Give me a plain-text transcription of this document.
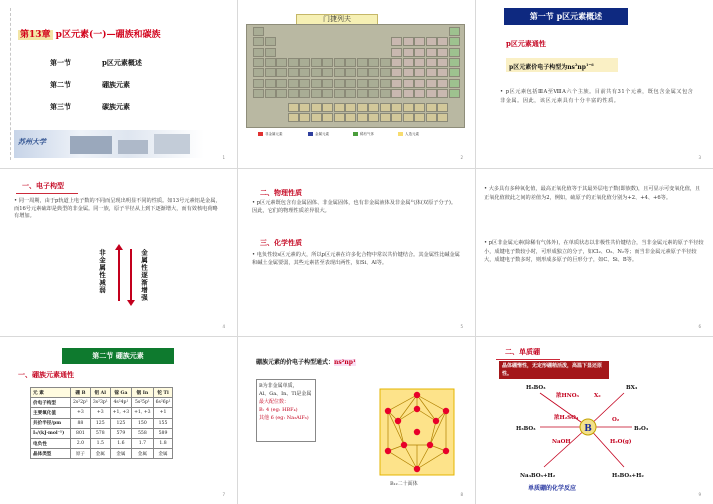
第13章 p区元素(一)—硼族和碳族
第一节	p区元素概述
第二节	硼族元素
第三节	碳族元素
苏州大学
1
门捷列夫
非金属元素	金属元素	稀有气体	人造元素
2
第一节 p区元素概述
p区元素通性
p区元素价电子构型为$ns^2np^{1\sim 6}$
• p区元素包括ⅢA至ⅧA六个主族。目前共有31个元素，既包含金属又包含非金属。因此，该区元素具有十分丰富的性质。
3
一、电子构型
• 同一周期，由于p轨道上电子数的不同而呈现出明显不同的性质。如13号元素铝是金属，而16号元素硫却是典型的非金属。同一族，原子半径从上到下逐渐增大，而有效核电荷略有增加。
非金属性减弱	金属性逐渐增强
4
二、物理性质
• p区元素既包含有金属固体、非金属固体，也有非金属液体及非金属气体(双原子分子)。因此，它们的物理性质差异很大。
三、化学性质
• 电负性较s区元素的大，所以p区元素在许多化合物中常以共价键结合。其金属性比碱金属和碱土金属要弱，其些元素甚至表现出两性，如Si、Al等。
5
• 大多具有多种氧化值，最高正氧化值等于其最外层电子数(即族数)，且可显示可变氧化值，且正氧化值彼此之间的差值为2，例如，硫原子的正氧化值分别为+2、+4、+6等。
• p区非金属元素(除稀有气体外)，在单质状态以非极性共价键结合，当非金属元素的原子半径较小，成键电子数较小时，可形成独立的分子，如Cl₂、O₂、N₂等；而当非金属元素原子半径较大，成键电子数多时，则形成多原子的巨形分子，如C、Si、B等。
6
第二节 硼族元素
一、硼族元素通性
元 素	硼 B	铝 Al	镓 Ga	铟 In	铊 Tl
价电子构型	2s²2p¹	3s²3p¹	4s²4p¹	5s²5p¹	6s²6p¹
主要氧化值	+3	+3	+1, +3	+1, +3	+1
共价半径/pm	88	125	125	150	155
I₁/(kJ·mol⁻¹)	801	578	579	558	589
电负性	2.0	1.5	1.6	1.7	1.8
晶体类型	原子	金属	金属	金属	金属
7
硼族元素的价电子构型通式：ns²np¹
B为非金属单质，
Al、Ga、In、Tl是金属
最大配位数：
B: 4 (eg: HBF₄)
其他 6 (eg: Na₃AlF₆)
B₁₂二十面体
8
二、单质硼
晶体硼惰性，无定形硼稍活泼，高温下显还原性。
B
H₃BO₃
浓HNO₃	X₂
BX₃
O₂
B₂O₃
H₃BO₃
浓H₂SO₄
NaOH	H₂O(g)
Na₃BO₃+H₂	H₃BO₃+H₂
单质硼的化学反应
9
